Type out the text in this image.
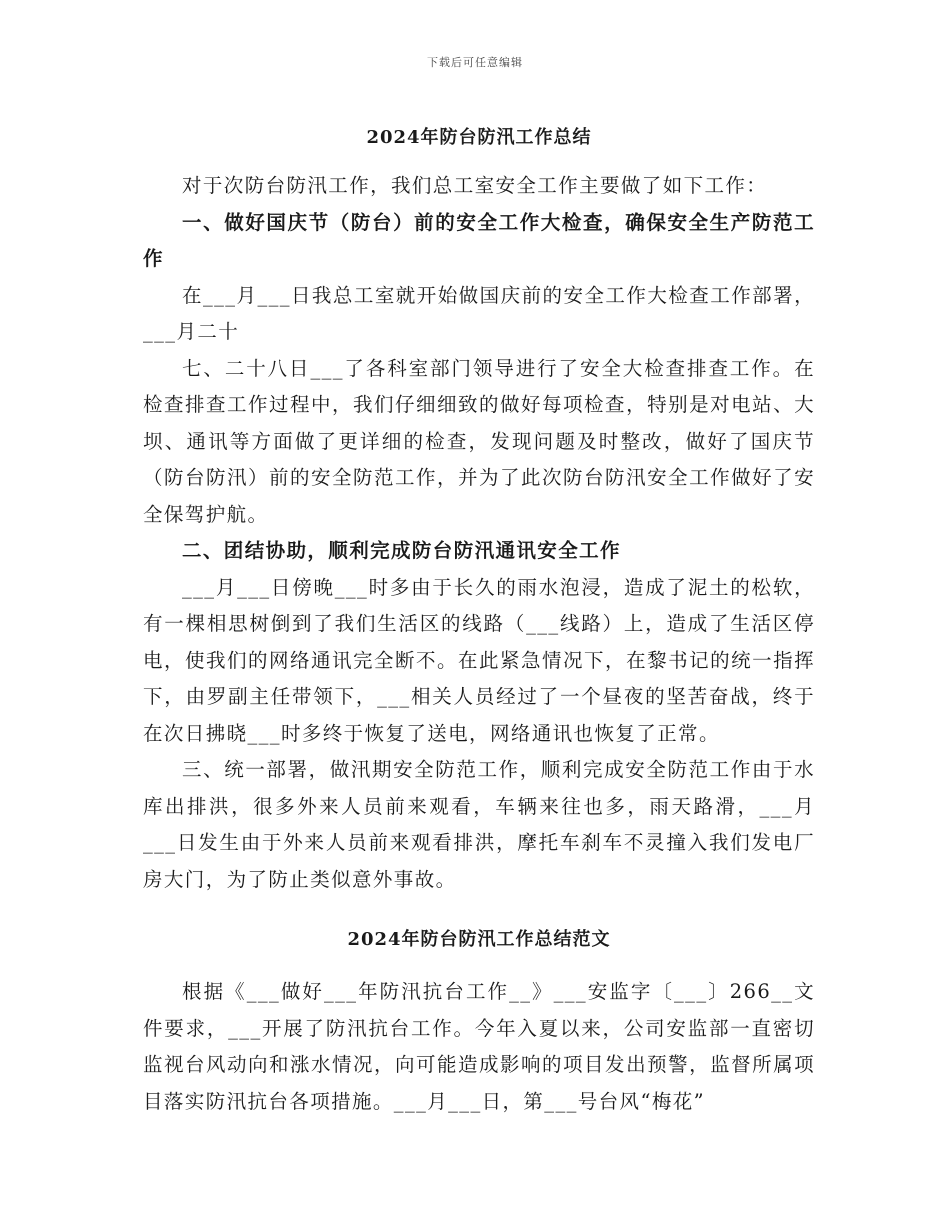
下载后可任意编辑
2024年防台防汛工作总结

对于次防台防汛工作，我们总工室安全工作主要做了如下工作：

一、做好国庆节（防台）前的安全工作大检查，确保安全生产防范工作

在___月___日我总工室就开始做国庆前的安全工作大检查工作部署，___月二十

七、二十八日___了各科室部门领导进行了安全大检查排查工作。在检查排查工作过程中，我们仔细细致的做好每项检查，特别是对电站、大坝、通讯等方面做了更详细的检查，发现问题及时整改，做好了国庆节（防台防汛）前的安全防范工作，并为了此次防台防汛安全工作做好了安全保驾护航。

二、团结协助，顺利完成防台防汛通讯安全工作

___月___日傍晚___时多由于长久的雨水泡浸，造成了泥土的松软，有一棵相思树倒到了我们生活区的线路（___线路）上，造成了生活区停电，使我们的网络通讯完全断不。在此紧急情况下，在黎书记的统一指挥下，由罗副主任带领下，___相关人员经过了一个昼夜的坚苦奋战，终于在次日拂晓___时多终于恢复了送电，网络通讯也恢复了正常。

三、统一部署，做汛期安全防范工作，顺利完成安全防范工作由于水库出排洪，很多外来人员前来观看，车辆来往也多，雨天路滑，___月___日发生由于外来人员前来观看排洪，摩托车刹车不灵撞入我们发电厂房大门，为了防止类似意外事故。

2024年防台防汛工作总结范文

根据《___做好___年防汛抗台工作__》___安监字〔___〕266__文件要求，___开展了防汛抗台工作。今年入夏以来，公司安监部一直密切监视台风动向和涨水情况，向可能造成影响的项目发出预警，监督所属项目落实防汛抗台各项措施。___月___日，第___号台风“梅花”
